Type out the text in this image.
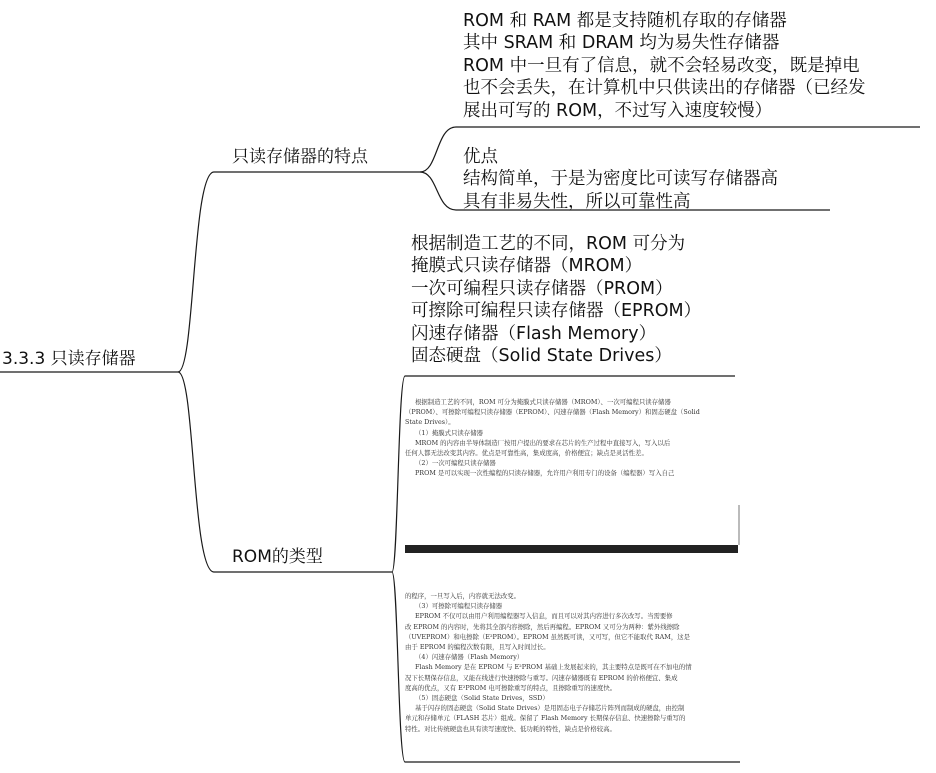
3.3.3 只读存储器
只读存储器的特点
ROM的类型
ROM 和 RAM 都是支持随机存取的存储器
其中 SRAM 和 DRAM 均为易失性存储器
ROM 中一旦有了信息，就不会轻易改变，既是掉电
也不会丢失，在计算机中只供读出的存储器（已经发
展出可写的 ROM，不过写入速度较慢）
优点
结构简单，于是为密度比可读写存储器高
具有非易失性，所以可靠性高
根据制造工艺的不同，ROM 可分为
掩膜式只读存储器（MROM）
一次可编程只读存储器（PROM）
可擦除可编程只读存储器（EPROM）
闪速存储器（Flash Memory）
固态硬盘（Solid State Drives）

根据制造工艺的不同，ROM 可分为掩膜式只读存储器（MROM）、一次可编程只读存储器

（PROM）、可擦除可编程只读存储器（EPROM）、闪速存储器（Flash Memory）和固态硬盘（Solid

State Drives）。

（1）掩膜式只读存储器

MROM 的内容由半导体制造厂按用户提出的要求在芯片的生产过程中直接写入，写入以后

任何人都无法改变其内容。优点是可靠性高，集成度高，价格便宜；缺点是灵活性差。

（2）一次可编程只读存储器

PROM 是可以实现一次性编程的只读存储器，允许用户利用专门的设备（编程器）写入自己

的程序，一旦写入后，内容就无法改变。

（3）可擦除可编程只读存储器

EPROM 不仅可以由用户利用编程器写入信息，而且可以对其内容进行多次改写。当需要修

改 EPROM 的内容时，先将其全部内容擦除，然后再编程。EPROM 又可分为两种：紫外线擦除

（UVEPROM）和电擦除（E²PROM）。EPROM 虽然既可读，又可写，但它不能取代 RAM，这是

由于 EPROM 的编程次数有限，且写入时间过长。

（4）闪速存储器（Flash Memory）

Flash Memory 是在 EPROM 与 E²PROM 基础上发展起来的，其主要特点是既可在不加电的情

况下长期保存信息，又能在线进行快速擦除与重写。闪速存储器既有 EPROM 的价格便宜、集成

度高的优点，又有 E²PROM 电可擦除重写的特点，且擦除重写的速度快。

（5）固态硬盘（Solid State Drives，SSD）

基于闪存的固态硬盘（Solid State Drives）是用固态电子存储芯片阵列而制成的硬盘，由控制

单元和存储单元（FLASH 芯片）组成。保留了 Flash Memory 长期保存信息、快速擦除与重写的

特性。对比传统硬盘也具有读写速度快、低功耗的特性，缺点是价格较高。
